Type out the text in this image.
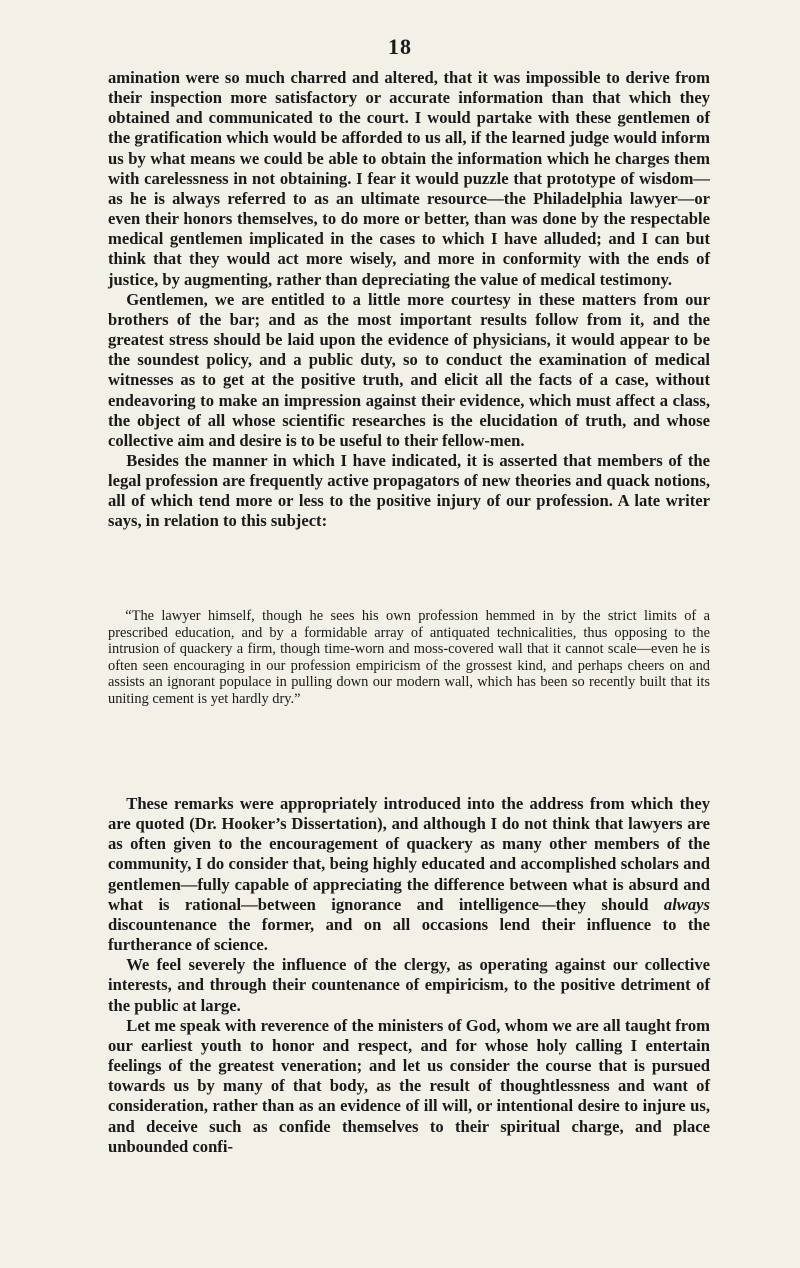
18

amination were so much charred and altered, that it was impossible to derive from their inspection more satisfactory or accurate information than that which they obtained and communicated to the court. I would partake with these gentlemen of the gratification which would be afforded to us all, if the learned judge would inform us by what means we could be able to obtain the information which he charges them with carelessness in not obtaining. I fear it would puzzle that prototype of wisdom—as he is always referred to as an ultimate resource—the Philadelphia lawyer—or even their honors themselves, to do more or better, than was done by the respectable medical gentlemen implicated in the cases to which I have alluded; and I can but think that they would act more wisely, and more in conformity with the ends of justice, by augmenting, rather than depreciating the value of medical testimony.

Gentlemen, we are entitled to a little more courtesy in these matters from our brothers of the bar; and as the most important results follow from it, and the greatest stress should be laid upon the evidence of physicians, it would appear to be the soundest policy, and a public duty, so to conduct the examination of medical witnesses as to get at the positive truth, and elicit all the facts of a case, without endeavoring to make an impression against their evidence, which must affect a class, the object of all whose scientific researches is the elucidation of truth, and whose collective aim and desire is to be useful to their fellow-men.

Besides the manner in which I have indicated, it is asserted that members of the legal profession are frequently active propagators of new theories and quack notions, all of which tend more or less to the positive injury of our profession. A late writer says, in relation to this subject:

“The lawyer himself, though he sees his own profession hemmed in by the strict limits of a prescribed education, and by a formidable array of antiquated technicalities, thus opposing to the intrusion of quackery a firm, though time-worn and moss-covered wall that it cannot scale—even he is often seen encouraging in our profession empiricism of the grossest kind, and perhaps cheers on and assists an ignorant populace in pulling down our modern wall, which has been so recently built that its uniting cement is yet hardly dry.”

These remarks were appropriately introduced into the address from which they are quoted (Dr. Hooker’s Dissertation), and although I do not think that lawyers are as often given to the encouragement of quackery as many other members of the community, I do consider that, being highly educated and accomplished scholars and gentlemen—fully capable of appreciating the difference between what is absurd and what is rational—between ignorance and intelligence—they should always discountenance the former, and on all occasions lend their influence to the furtherance of science.

We feel severely the influence of the clergy, as operating against our collective interests, and through their countenance of empiricism, to the positive detriment of the public at large.

Let me speak with reverence of the ministers of God, whom we are all taught from our earliest youth to honor and respect, and for whose holy calling I entertain feelings of the greatest veneration; and let us consider the course that is pursued towards us by many of that body, as the result of thoughtlessness and want of consideration, rather than as an evidence of ill will, or intentional desire to injure us, and deceive such as confide themselves to their spiritual charge, and place unbounded confi-
